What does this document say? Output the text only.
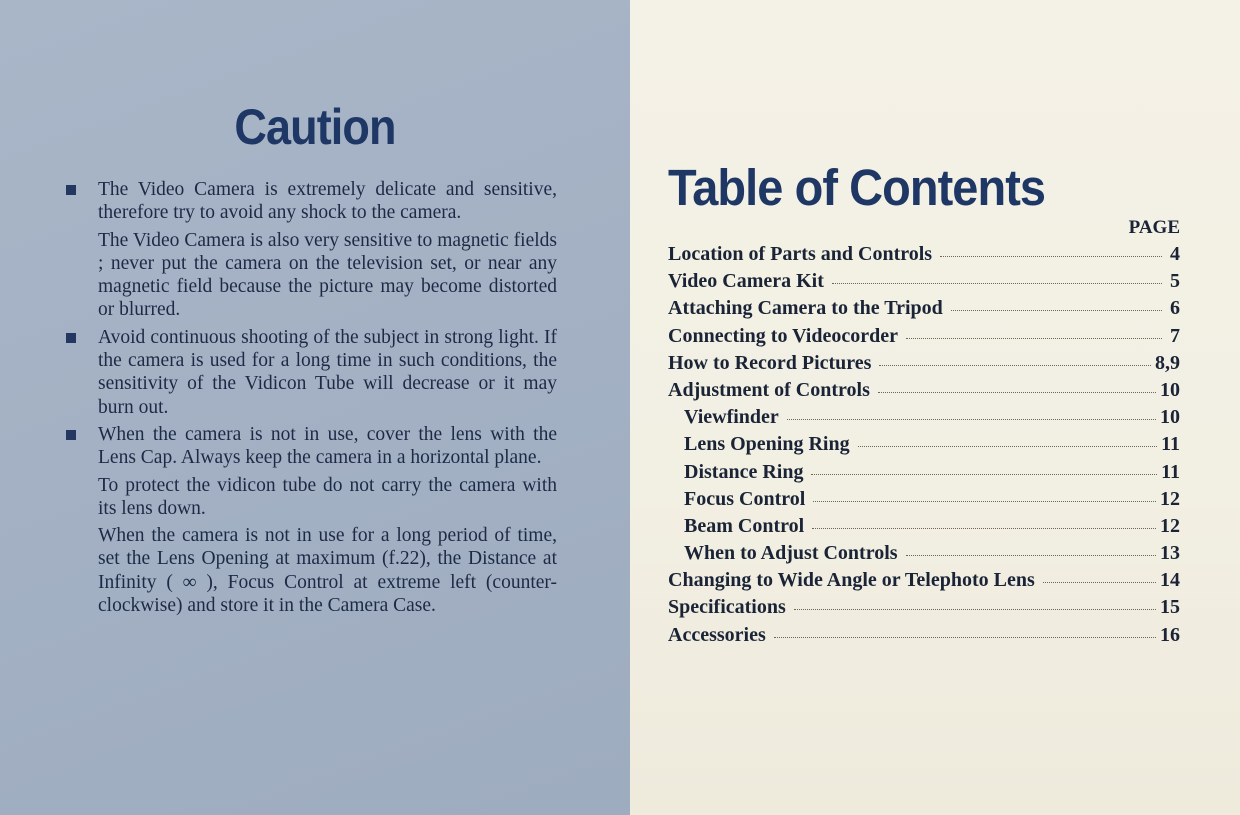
Caution

The Video Camera is extremely delicate and sensitive, therefore try to avoid any shock to the camera.

The Video Camera is also very sensitive to magnetic fields ; never put the camera on the television set, or near any magnetic field because the picture may become distorted or blurred.

Avoid continuous shooting of the subject in strong light. If the camera is used for a long time in such conditions, the sensitivity of the Vidicon Tube will decrease or it may burn out.

When the camera is not in use, cover the lens with the Lens Cap. Always keep the camera in a horizontal plane.

To protect the vidicon tube do not carry the camera with its lens down.

When the camera is not in use for a long period of time, set the Lens Opening at maximum (f.22), the Distance at Infinity ( ∞ ), Focus Control at extreme left (counter-clockwise) and store it in the Camera Case.

Table of Contents
PAGE
Location of Parts and Controls	4
Video Camera Kit	5
Attaching Camera to the Tripod	6
Connecting to Videocorder	7
How to Record Pictures	8,9
Adjustment of Controls	10
Viewfinder	10
Lens Opening Ring	11
Distance Ring	11
Focus Control	12
Beam Control	12
When to Adjust Controls	13
Changing to Wide Angle or Telephoto Lens	14
Specifications	15
Accessories	16
